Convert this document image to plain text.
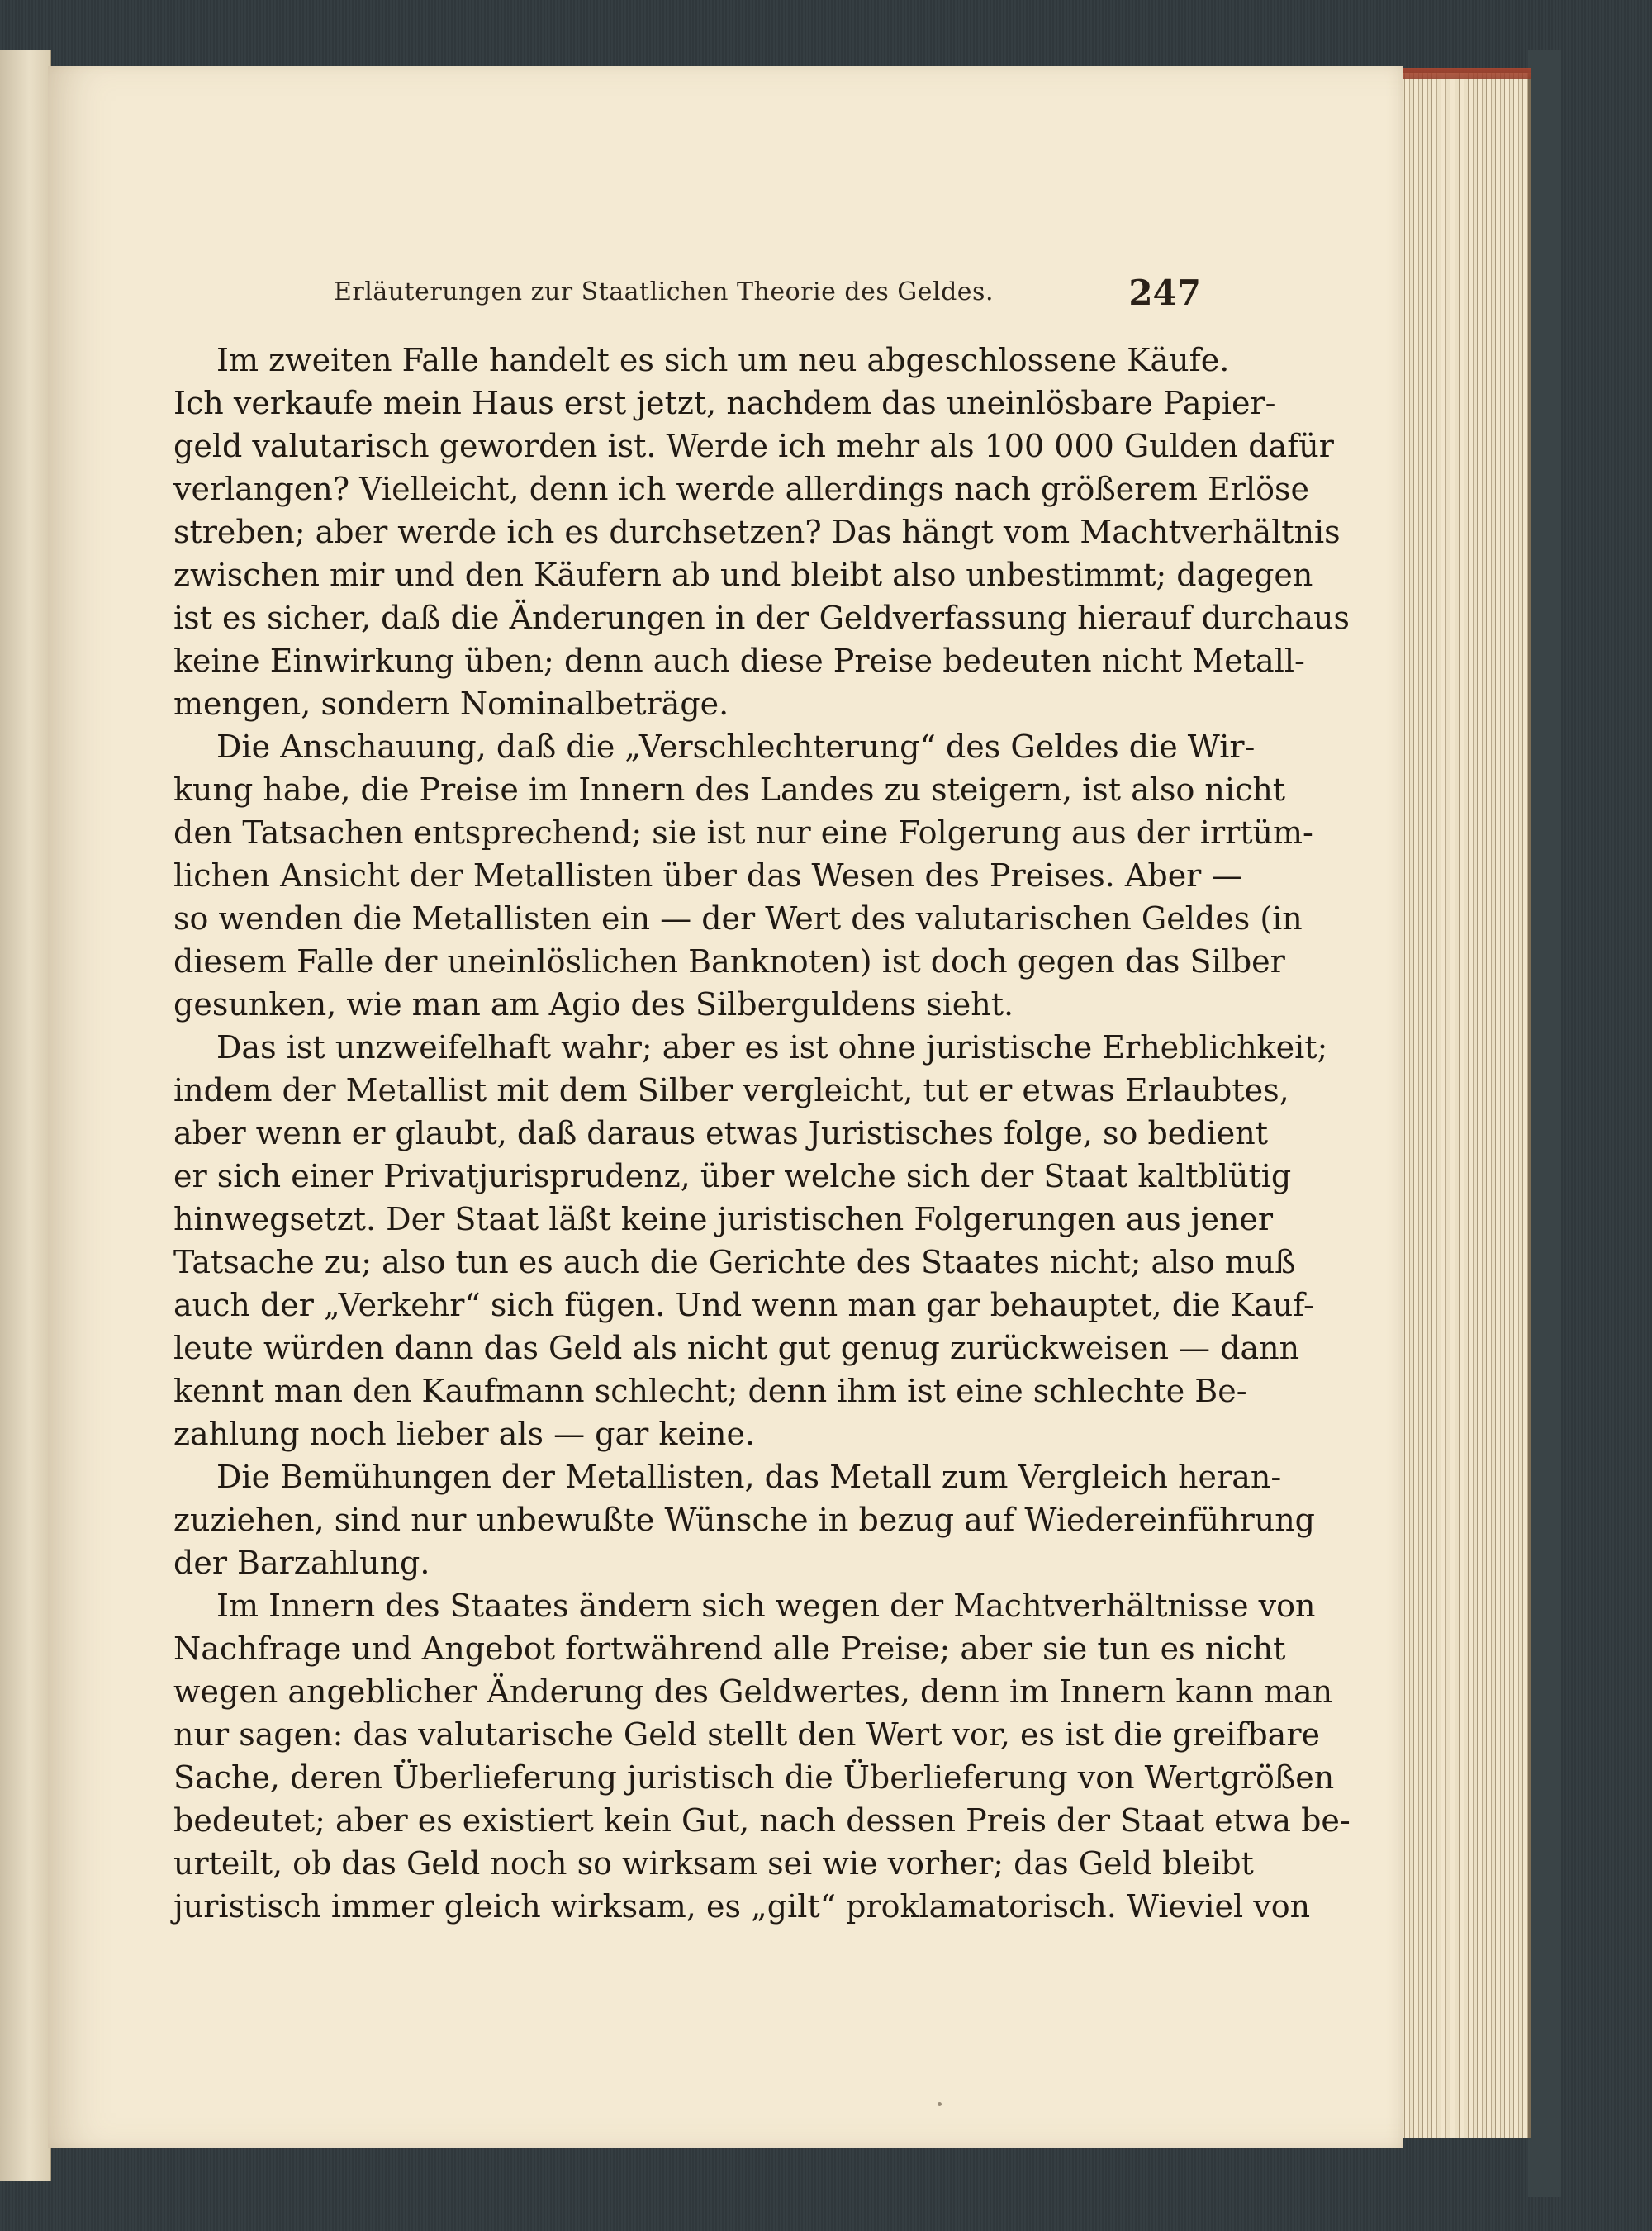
Erläuterungen zur Staatlichen Theorie des Geldes.	247
Im zweiten Falle handelt es sich um neu abgeschlossene Käufe.
Ich verkaufe mein Haus erst jetzt, nachdem das uneinlösbare Papier-
geld valutarisch geworden ist. Werde ich mehr als 100 000 Gulden dafür
verlangen? Vielleicht, denn ich werde allerdings nach größerem Erlöse
streben; aber werde ich es durchsetzen? Das hängt vom Machtverhältnis
zwischen mir und den Käufern ab und bleibt also unbestimmt; dagegen
ist es sicher, daß die Änderungen in der Geldverfassung hierauf durchaus
keine Einwirkung üben; denn auch diese Preise bedeuten nicht Metall-
mengen, sondern Nominalbeträge.
Die Anschauung, daß die „Verschlechterung“ des Geldes die Wir-
kung habe, die Preise im Innern des Landes zu steigern, ist also nicht
den Tatsachen entsprechend; sie ist nur eine Folgerung aus der irrtüm-
lichen Ansicht der Metallisten über das Wesen des Preises. Aber —
so wenden die Metallisten ein — der Wert des valutarischen Geldes (in
diesem Falle der uneinlöslichen Banknoten) ist doch gegen das Silber
gesunken, wie man am Agio des Silberguldens sieht.
Das ist unzweifelhaft wahr; aber es ist ohne juristische Erheblichkeit;
indem der Metallist mit dem Silber vergleicht, tut er etwas Erlaubtes,
aber wenn er glaubt, daß daraus etwas Juristisches folge, so bedient
er sich einer Privatjurisprudenz, über welche sich der Staat kaltblütig
hinwegsetzt. Der Staat läßt keine juristischen Folgerungen aus jener
Tatsache zu; also tun es auch die Gerichte des Staates nicht; also muß
auch der „Verkehr“ sich fügen. Und wenn man gar behauptet, die Kauf-
leute würden dann das Geld als nicht gut genug zurückweisen — dann
kennt man den Kaufmann schlecht; denn ihm ist eine schlechte Be-
zahlung noch lieber als — gar keine.
Die Bemühungen der Metallisten, das Metall zum Vergleich heran-
zuziehen, sind nur unbewußte Wünsche in bezug auf Wiedereinführung
der Barzahlung.
Im Innern des Staates ändern sich wegen der Machtverhältnisse von
Nachfrage und Angebot fortwährend alle Preise; aber sie tun es nicht
wegen angeblicher Änderung des Geldwertes, denn im Innern kann man
nur sagen: das valutarische Geld stellt den Wert vor, es ist die greifbare
Sache, deren Überlieferung juristisch die Überlieferung von Wertgrößen
bedeutet; aber es existiert kein Gut, nach dessen Preis der Staat etwa be-
urteilt, ob das Geld noch so wirksam sei wie vorher; das Geld bleibt
juristisch immer gleich wirksam, es „gilt“ proklamatorisch. Wieviel von
